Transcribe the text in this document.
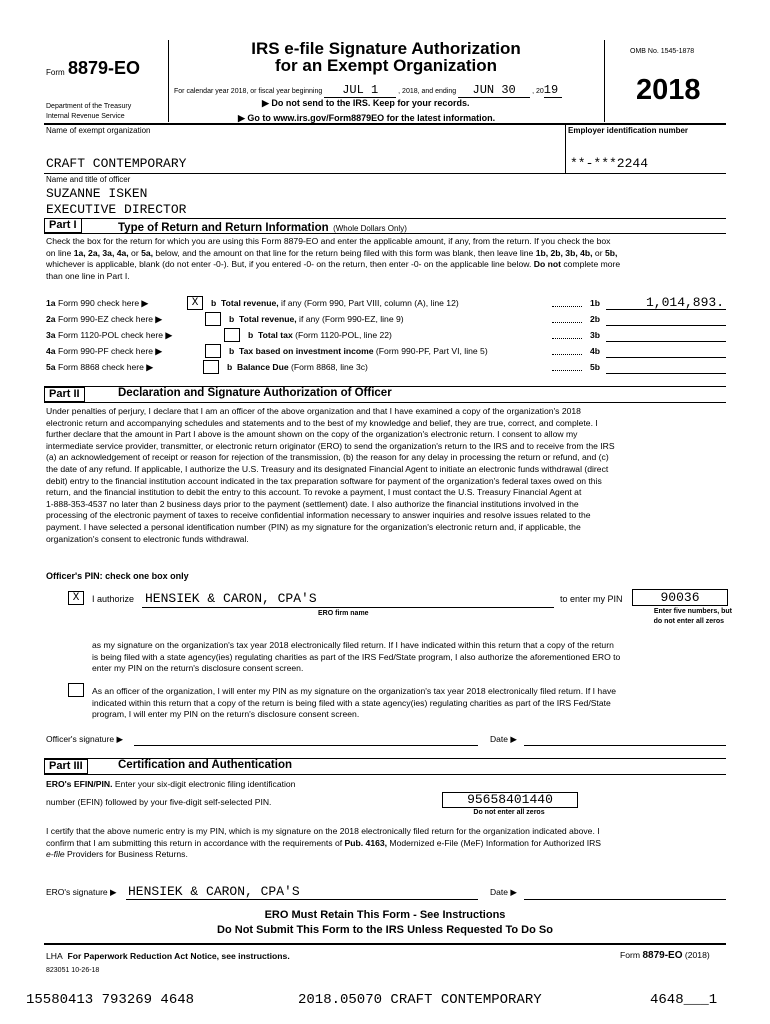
Form 8879-EO
Department of the Treasury
Internal Revenue Service
IRS e-file Signature Authorization
for an Exempt Organization
For calendar year 2018, or fiscal year beginning JUL 1	, 2018, and ending JUN 30 , 2019
▶ Do not send to the IRS. Keep for your records.
▶ Go to www.irs.gov/Form8879EO for the latest information.
OMB No. 1545-1878
2018
Name of exempt organization	Employer identification number
CRAFT CONTEMPORARY	**-***2244
Name and title of officer
SUZANNE ISKEN
EXECUTIVE DIRECTOR
Part I	Type of Return and Return Information (Whole Dollars Only)
Check the box for the return for which you are using this Form 8879-EO and enter the applicable amount, if any, from the return. If you check the box
on line 1a, 2a, 3a, 4a, or 5a, below, and the amount on that line for the return being filed with this form was blank, then leave line 1b, 2b, 3b, 4b, or 5b,
whichever is applicable, blank (do not enter -0-). But, if you entered -0- on the return, then enter -0- on the applicable line below. Do not complete more
than one line in Part I.
1a Form 990 check here ▶	X	b Total revenue, if any (Form 990, Part VIII, column (A), line 12)	1b	1,014,893.
2a Form 990-EZ check here ▶	b Total revenue, if any (Form 990-EZ, line 9)	2b
3a Form 1120-POL check here ▶	b Total tax (Form 1120-POL, line 22)	3b
4a Form 990-PF check here ▶	b Tax based on investment income (Form 990-PF, Part VI, line 5)	4b
5a Form 8868 check here ▶	b Balance Due (Form 8868, line 3c)	5b
Part II	Declaration and Signature Authorization of Officer
Under penalties of perjury, I declare that I am an officer of the above organization and that I have examined a copy of the organization's 2018
electronic return and accompanying schedules and statements and to the best of my knowledge and belief, they are true, correct, and complete. I
further declare that the amount in Part I above is the amount shown on the copy of the organization's electronic return. I consent to allow my
intermediate service provider, transmitter, or electronic return originator (ERO) to send the organization's return to the IRS and to receive from the IRS
(a) an acknowledgement of receipt or reason for rejection of the transmission, (b) the reason for any delay in processing the return or refund, and (c)
the date of any refund. If applicable, I authorize the U.S. Treasury and its designated Financial Agent to initiate an electronic funds withdrawal (direct
debit) entry to the financial institution account indicated in the tax preparation software for payment of the organization's federal taxes owed on this
return, and the financial institution to debit the entry to this account. To revoke a payment, I must contact the U.S. Treasury Financial Agent at
1-888-353-4537 no later than 2 business days prior to the payment (settlement) date. I also authorize the financial institutions involved in the
processing of the electronic payment of taxes to receive confidential information necessary to answer inquiries and resolve issues related to the
payment. I have selected a personal identification number (PIN) as my signature for the organization's electronic return and, if applicable, the
organization's consent to electronic funds withdrawal.
Officer's PIN: check one box only
X	I authorize HENSIEK & CARON, CPA'S
ERO firm name
to enter my PIN	90036
Enter five numbers, but
do not enter all zeros
as my signature on the organization's tax year 2018 electronically filed return. If I have indicated within this return that a copy of the return
is being filed with a state agency(ies) regulating charities as part of the IRS Fed/State program, I also authorize the aforementioned ERO to
enter my PIN on the return's disclosure consent screen.
As an officer of the organization, I will enter my PIN as my signature on the organization's tax year 2018 electronically filed return. If I have
indicated within this return that a copy of the return is being filed with a state agency(ies) regulating charities as part of the IRS Fed/State
program, I will enter my PIN on the return's disclosure consent screen.
Officer's signature ▶	Date ▶
Part III	Certification and Authentication
ERO's EFIN/PIN. Enter your six-digit electronic filing identification
number (EFIN) followed by your five-digit self-selected PIN.	95658401440
Do not enter all zeros
I certify that the above numeric entry is my PIN, which is my signature on the 2018 electronically filed return for the organization indicated above. I
confirm that I am submitting this return in accordance with the requirements of Pub. 4163, Modernized e-File (MeF) Information for Authorized IRS
e-file Providers for Business Returns.
ERO's signature ▶ HENSIEK & CARON, CPA'S	Date ▶
ERO Must Retain This Form - See Instructions
Do Not Submit This Form to the IRS Unless Requested To Do So
LHA For Paperwork Reduction Act Notice, see instructions.	Form 8879-EO (2018)
823051 10-26-18
15580413 793269 4648	2018.05070 CRAFT CONTEMPORARY	4648___1
